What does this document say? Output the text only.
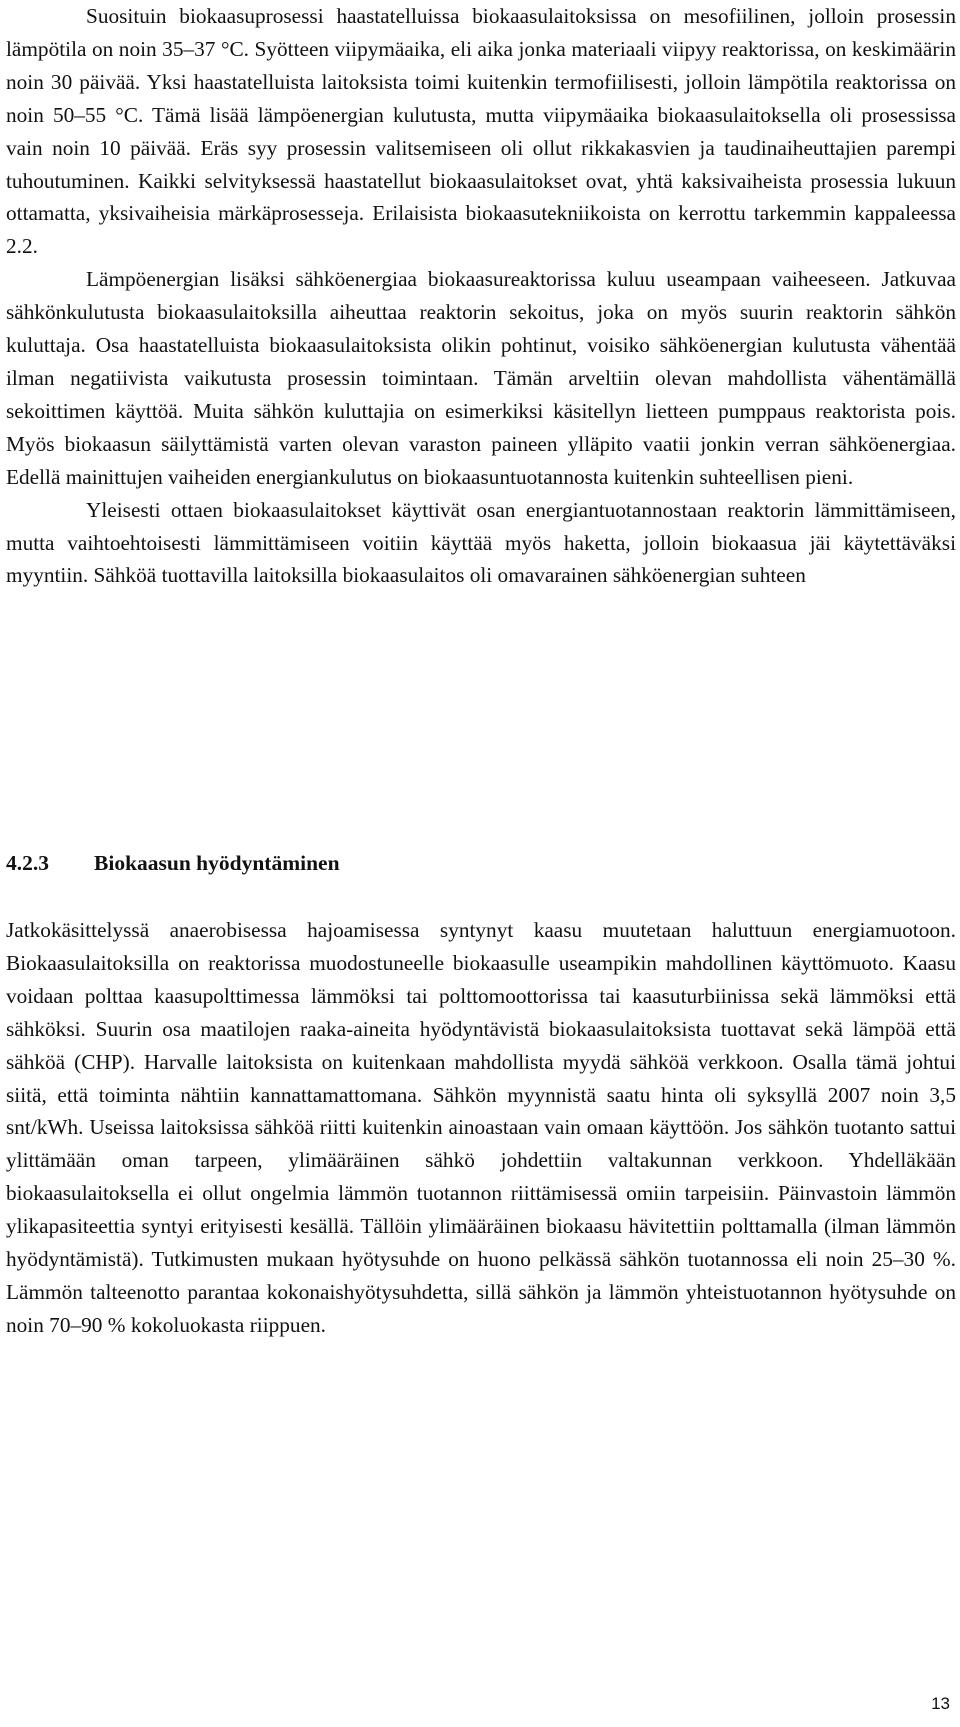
Suosituin biokaasuprosessi haastatelluissa biokaasulaitoksissa on mesofiilinen, jolloin prosessin lämpötila on noin 35–37 °C. Syötteen viipymäaika, eli aika jonka materiaali viipyy reaktorissa, on keskimäärin noin 30 päivää. Yksi haastatelluista laitoksista toimi kuitenkin termofiilisesti, jolloin lämpötila reaktorissa on noin 50–55 °C. Tämä lisää lämpöenergian kulutusta, mutta viipymäaika biokaasulaitoksella oli prosessissa vain noin 10 päivää. Eräs syy prosessin valitsemiseen oli ollut rikkakasvien ja taudinaiheuttajien parempi tuhoutuminen. Kaikki selvityksessä haastatellut biokaasulaitokset ovat, yhtä kaksivaiheista prosessia lukuun ottamatta, yksivaiheisia märkäprosesseja. Erilaisista biokaasutekniikoista on kerrottu tarkemmin kappaleessa 2.2.

Lämpöenergian lisäksi sähköenergiaa biokaasureaktorissa kuluu useampaan vaiheeseen. Jatkuvaa sähkönkulutusta biokaasulaitoksilla aiheuttaa reaktorin sekoitus, joka on myös suurin reaktorin sähkön kuluttaja. Osa haastatelluista biokaasulaitoksista olikin pohtinut, voisiko sähköenergian kulutusta vähentää ilman negatiivista vaikutusta prosessin toimintaan. Tämän arveltiin olevan mahdollista vähentämällä sekoittimen käyttöä. Muita sähkön kuluttajia on esimerkiksi käsitellyn lietteen pumppaus reaktorista pois. Myös biokaasun säilyttämistä varten olevan varaston paineen ylläpito vaatii jonkin verran sähköenergiaa. Edellä mainittujen vaiheiden energiankulutus on biokaasuntuotannosta kuitenkin suhteellisen pieni.

Yleisesti ottaen biokaasulaitokset käyttivät osan energiantuotannostaan reaktorin lämmittämiseen, mutta vaihtoehtoisesti lämmittämiseen voitiin käyttää myös haketta, jolloin biokaasua jäi käytettäväksi myyntiin. Sähköä tuottavilla laitoksilla biokaasulaitos oli omavarainen sähköenergian suhteen

4.2.3 Biokaasun hyödyntäminen

Jatkokäsittelyssä anaerobisessa hajoamisessa syntynyt kaasu muutetaan haluttuun energiamuotoon. Biokaasulaitoksilla on reaktorissa muodostuneelle biokaasulle useampikin mahdollinen käyttömuoto. Kaasu voidaan polttaa kaasupolttimessa lämmöksi tai polttomoottorissa tai kaasuturbiinissa sekä lämmöksi että sähköksi. Suurin osa maatilojen raaka-aineita hyödyntävistä biokaasulaitoksista tuottavat sekä lämpöä että sähköä (CHP). Harvalle laitoksista on kuitenkaan mahdollista myydä sähköä verkkoon. Osalla tämä johtui siitä, että toiminta nähtiin kannattamattomana. Sähkön myynnistä saatu hinta oli syksyllä 2007 noin 3,5 snt/kWh. Useissa laitoksissa sähköä riitti kuitenkin ainoastaan vain omaan käyttöön. Jos sähkön tuotanto sattui ylittämään oman tarpeen, ylimääräinen sähkö johdettiin valtakunnan verkkoon. Yhdelläkään biokaasulaitoksella ei ollut ongelmia lämmön tuotannon riittämisessä omiin tarpeisiin. Päinvastoin lämmön ylikapasiteettia syntyi erityisesti kesällä. Tällöin ylimääräinen biokaasu hävitettiin polttamalla (ilman lämmön hyödyntämistä). Tutkimusten mukaan hyötysuhde on huono pelkässä sähkön tuotannossa eli noin 25–30 %. Lämmön talteenotto parantaa kokonaishyötysuhdetta, sillä sähkön ja lämmön yhteistuotannon hyötysuhde on noin 70–90 % kokoluokasta riippuen.

13
